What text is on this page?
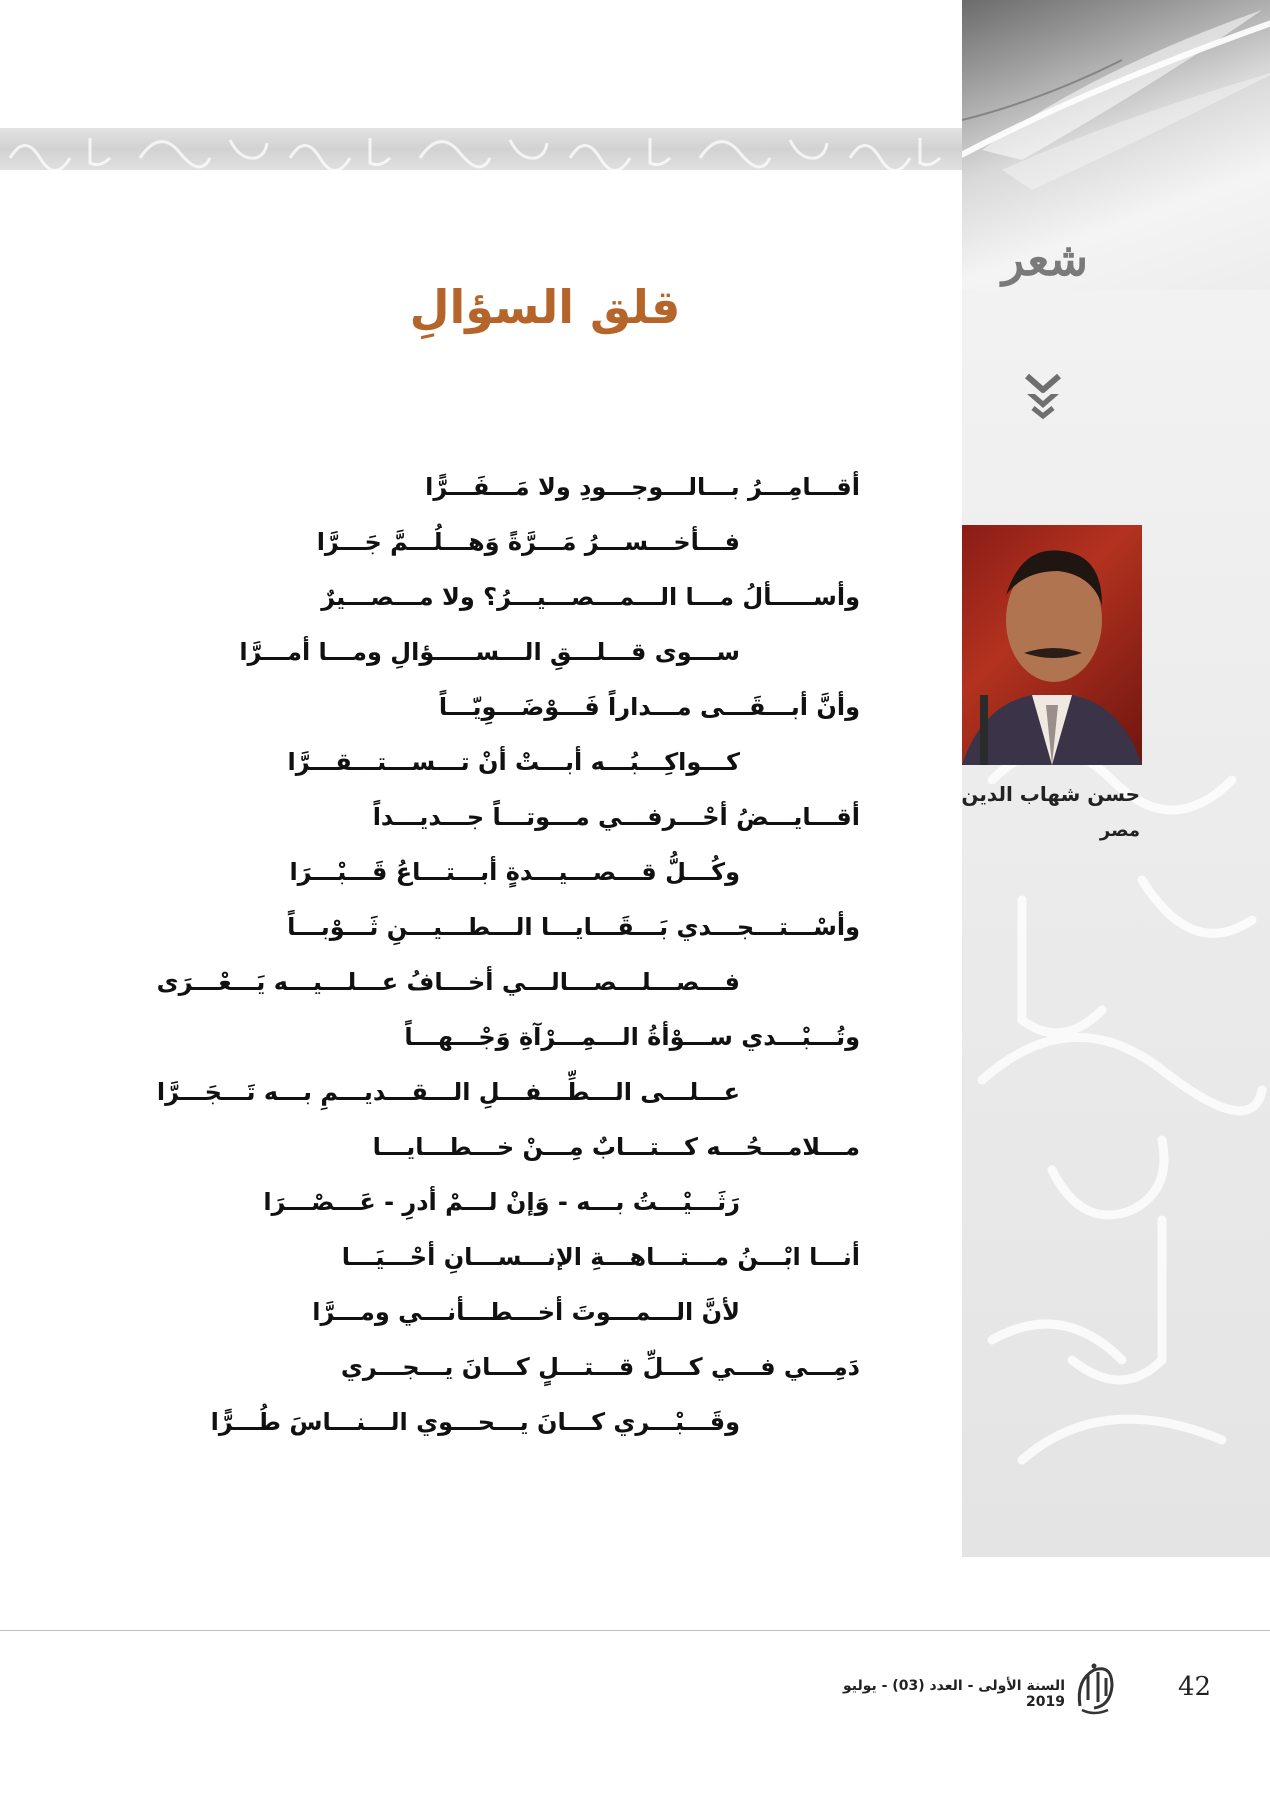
شعر
حسن شهاب الدين
مصر
قلق السؤالِ
أقـــامِـــرُ بـــالـــوجـــودِ ولا مَـــفَـــرًّا
فـــأخـــســـرُ مَـــرَّةً وَهـــلُـــمَّ جَـــرَّا
وأســـــألُ مـــا الـــمـــصـــيـــرُ؟ ولا مـــصـــيرٌ
ســـوى قـــلـــقِ الـــســـــؤالِ ومـــا أمـــرَّا
وأنَّ أبـــقَـــى مـــداراً فَـــوْضَـــوِيّـــاً
كـــواكِـــبُـــه أبـــتْ أنْ تـــســـتـــقـــرَّا
أقـــايـــضُ أحْـــرفـــي مـــوتـــاً جـــديـــداً
وكُـــلُّ قـــصـــيـــدةٍ أبـــتـــاعُ قَـــبْـــرَا
وأسْـــتـــجـــدي بَـــقَـــايـــا الـــطـــيـــنِ ثَـــوْبـــاً
فـــصـــلـــصـــالـــي أخـــافُ عـــلـــيـــه يَـــعْـــرَى
وتُـــبْـــدي ســـوْأةُ الـــمِـــرْآةِ وَجْـــهـــاً
عـــلـــى الـــطِّـــفـــلِ الـــقـــديـــمِ بـــه تَـــجَـــرَّا
مـــلامـــحُـــه كـــتـــابٌ مِـــنْ خـــطـــايـــا
رَثَـــيْـــتُ بـــه - وَإنْ لـــمْ أدرِ - عَـــصْـــرَا
أنـــا ابْـــنُ مـــتـــاهـــةِ الإنـــســـانِ أحْـــيَـــا
لأنَّ الـــمـــوتَ أخـــطـــأنـــي ومـــرَّا
دَمِـــي فـــي كـــلِّ قـــتـــلٍ كـــانَ يـــجـــري
وقَـــبْـــري كـــانَ يـــحـــوي الـــنـــاسَ طُـــرًّا
42
السنة الأولى - العدد (03) - يوليو 2019
